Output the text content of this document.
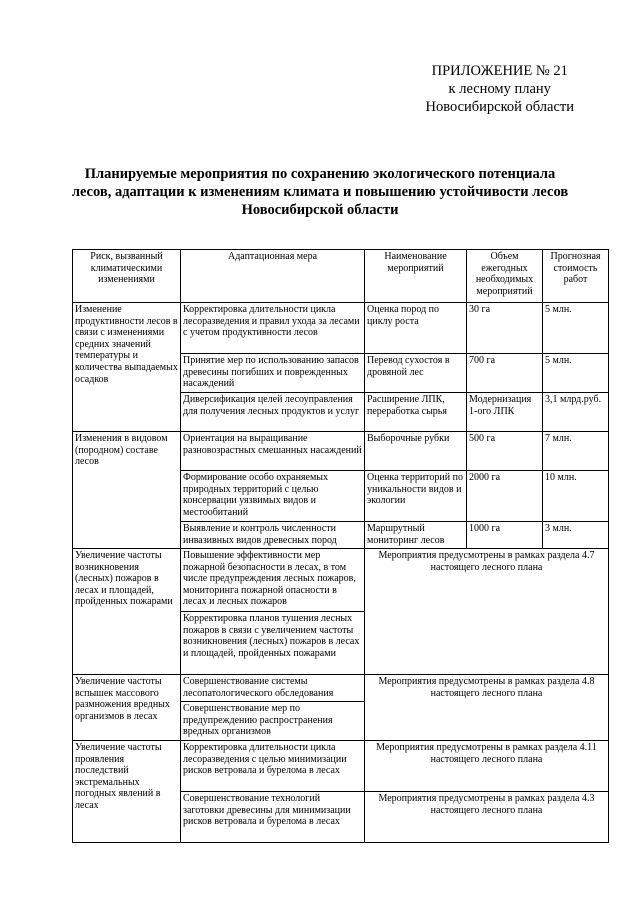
ПРИЛОЖЕНИЕ № 21
к лесному плану
Новосибирской области
Планируемые мероприятия по сохранению экологического потенциала лесов, адаптации к изменениям климата и повышению устойчивости лесов Новосибирской области
Риск, вызванный климатическими изменениями	Адаптационная мера	Наименование мероприятий	Объем ежегодных необходимых мероприятий	Прогнозная стоимость работ
Изменение продуктивности лесов в связи с изменениями средних значений температуры и количества выпадаемых осадков	Корректировка длительности цикла лесоразведения и правил ухода за лесами с учетом продуктивности лесов	Оценка пород по циклу роста	30 га	5 млн.
	Принятие мер по использованию запасов древесины погибших и поврежденных насаждений	Перевод сухостоя в дровяной лес	700 га	5 млн.
	Диверсификация целей лесоуправления для получения лесных продуктов и услуг	Расширение ЛПК, переработка сырья	Модернизация 1-ого ЛПК	3,1 млрд.руб.
Изменения в видовом (породном) составе лесов	Ориентация на выращивание разновозрастных смешанных насаждений	Выборочные рубки	500 га	7 млн.
	Формирование особо охраняемых природных территорий с целью консервации уязвимых видов и местообитаний	Оценка территорий по уникальности видов и экологии	2000 га	10 млн.
	Выявление и контроль численности инвазивных видов древесных пород	Маршрутный мониторинг лесов	1000 га	3 млн.
Увеличение частоты возникновения (лесных) пожаров в лесах и площадей, пройденных пожарами	Повышение эффективности мер пожарной безопасности в лесах, в том числе предупреждения лесных пожаров, мониторинга пожарной опасности в лесах и лесных пожаров	Мероприятия предусмотрены в рамках раздела 4.7 настоящего лесного плана		
	Корректировка планов тушения лесных пожаров в связи с увеличением частоты возникновения (лесных) пожаров в лесах и площадей, пройденных пожарами			
Увеличение частоты вспышек массового размножения вредных организмов в лесах	Совершенствование системы лесопатологического обследования	Мероприятия предусмотрены в рамках раздела 4.8 настоящего лесного плана		
	Совершенствование мер по предупреждению распространения вредных организмов			
Увеличение частоты проявления последствий экстремальных погодных явлений в лесах	Корректировка длительности цикла лесоразведения с целью минимизации рисков ветровала и бурелома в лесах	Мероприятия предусмотрены в рамках раздела 4.11 настоящего лесного плана		
	Совершенствование технологий заготовки древесины для минимизации рисков ветровала и бурелома в лесах	Мероприятия предусмотрены в рамках раздела 4.3 настоящего лесного плана		
